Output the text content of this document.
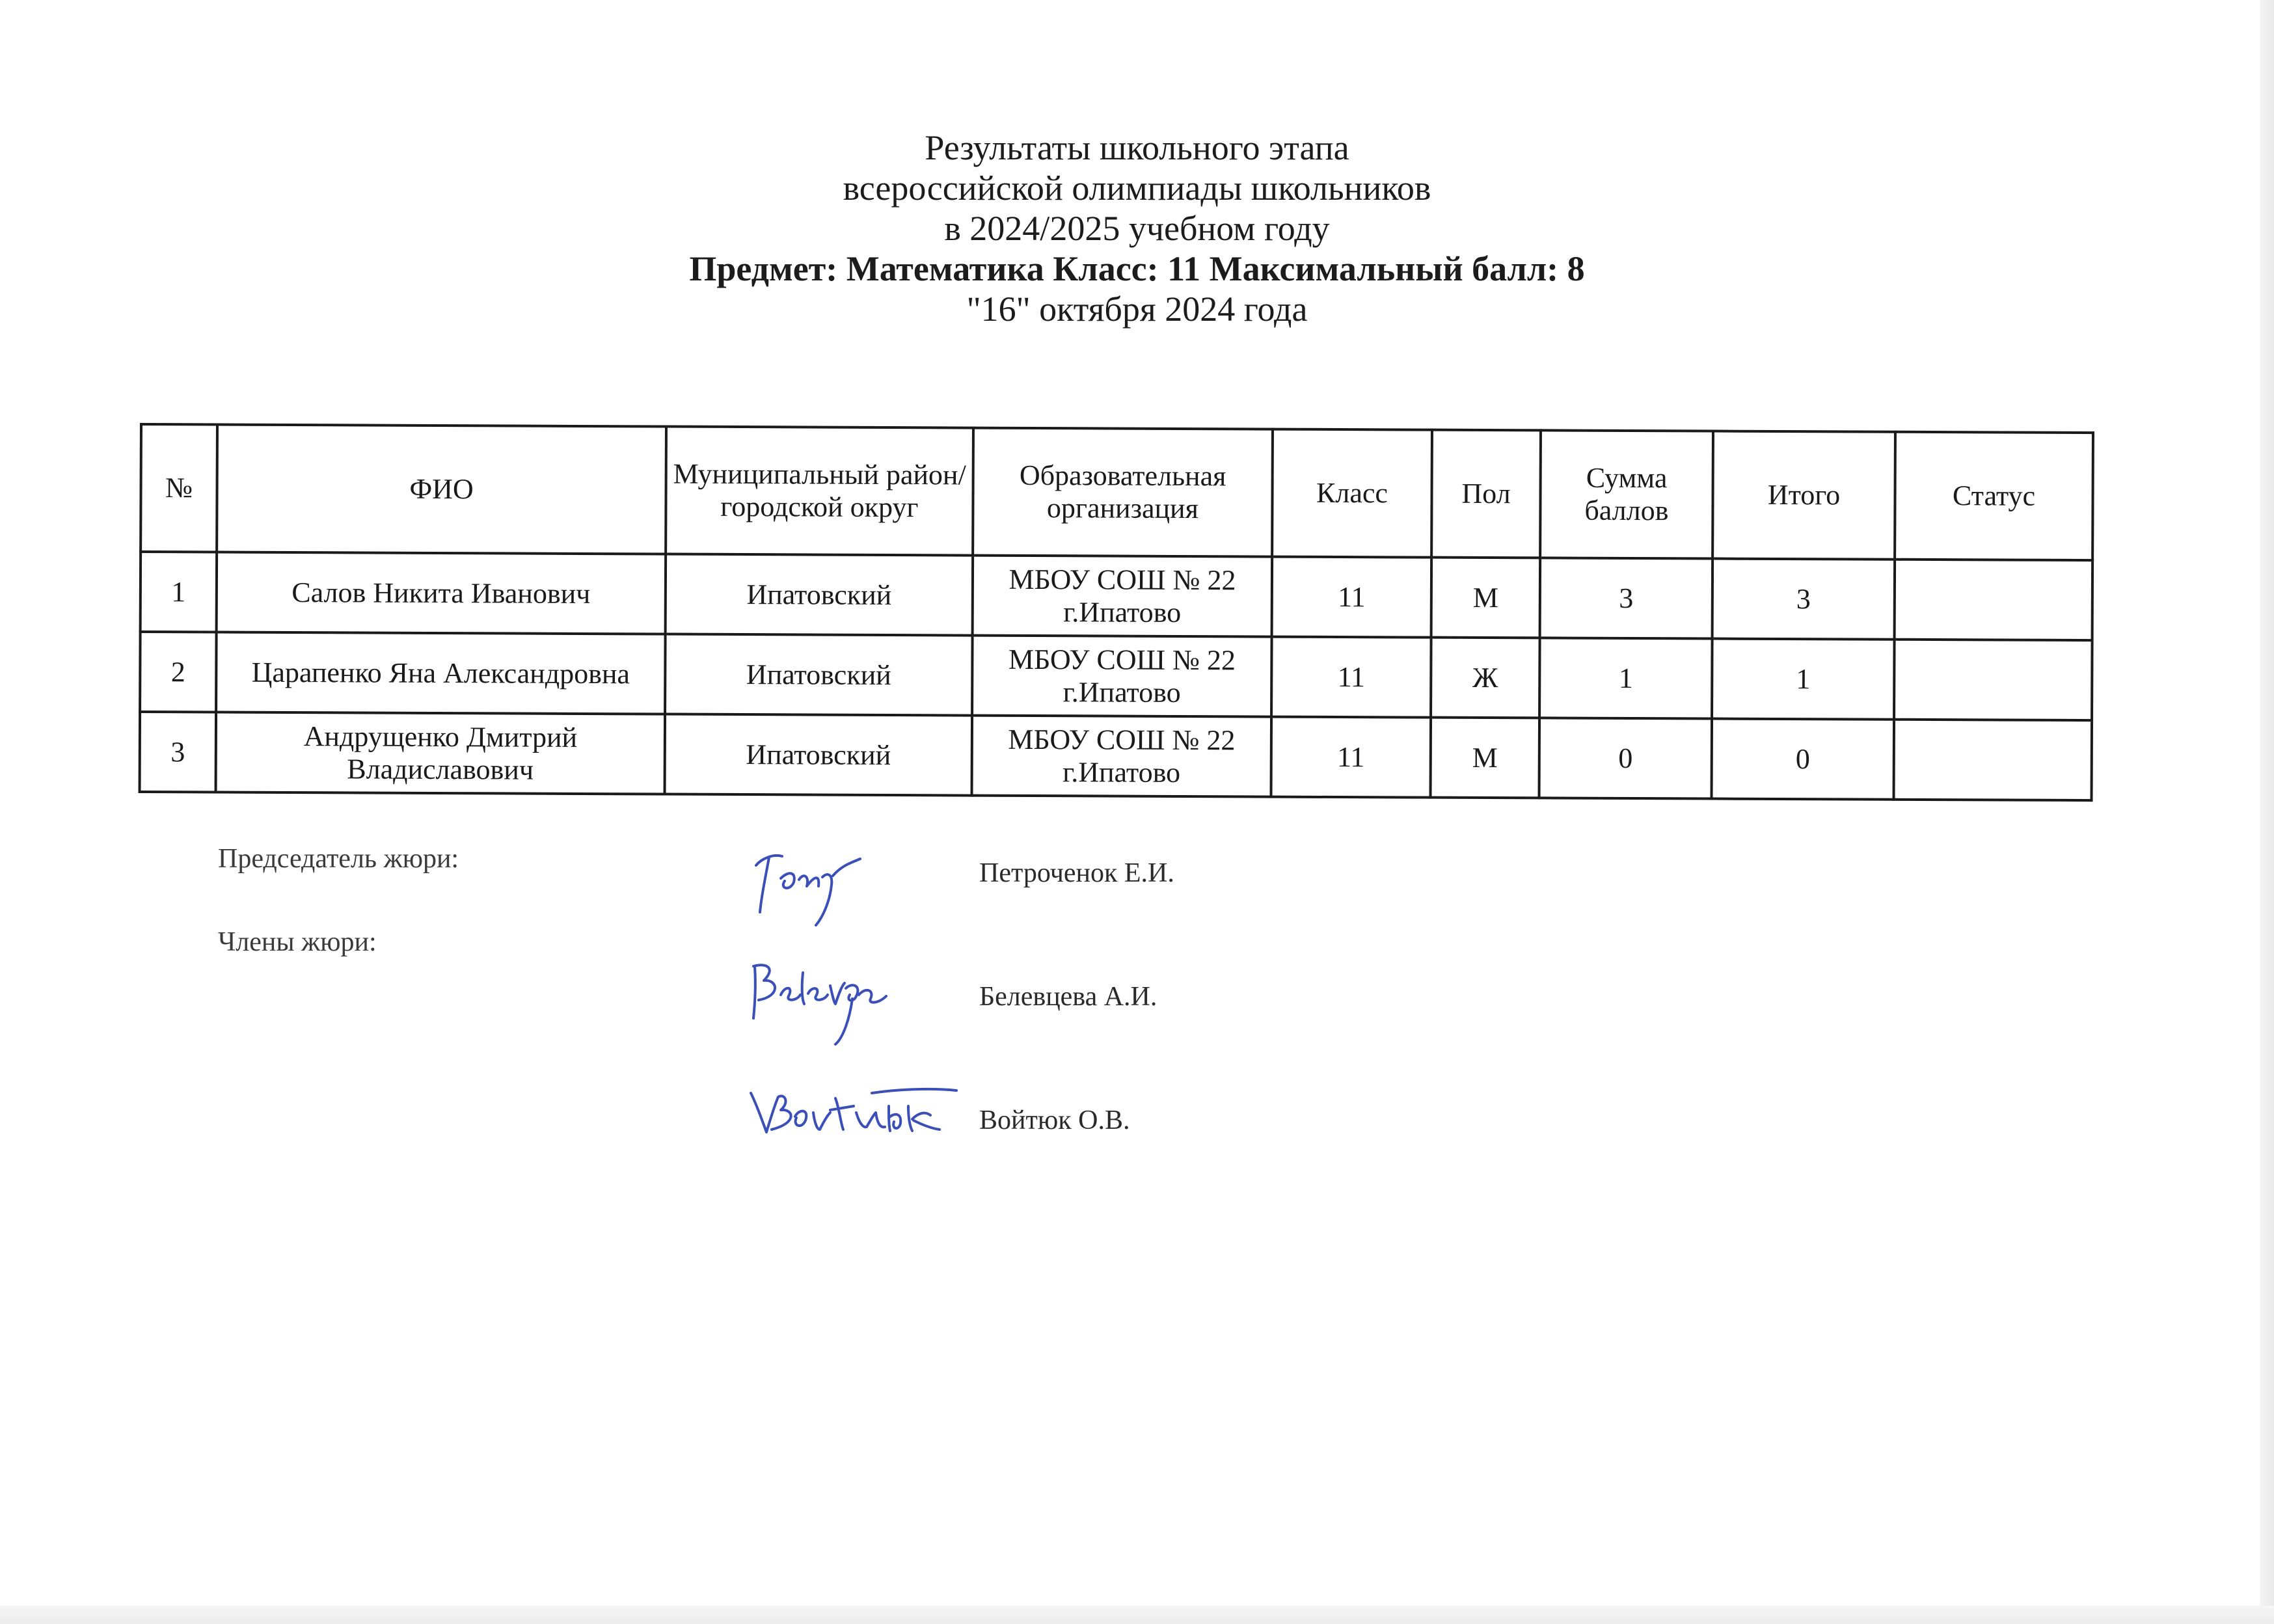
Результаты школьного этапа
всероссийской олимпиады школьников
в 2024/2025 учебном году
Предмет: Математика Класс: 11 Максимальный балл: 8
"16" октября 2024 года
№	ФИО	Муниципальный район/городской округ	Образовательная организация	Класс	Пол	Сумма баллов	Итого	Статус
1	Салов Никита Иванович	Ипатовский	МБОУ СОШ № 22 г.Ипатово	11	М	3	3	
2	Царапенко Яна Александровна	Ипатовский	МБОУ СОШ № 22 г.Ипатово	11	Ж	1	1	
3	Андрущенко Дмитрий Владиславович	Ипатовский	МБОУ СОШ № 22 г.Ипатово	11	М	0	0	
Председатель жюри:
Члены жюри:
Петроченок Е.И.
Белевцева А.И.
Войтюк О.В.
